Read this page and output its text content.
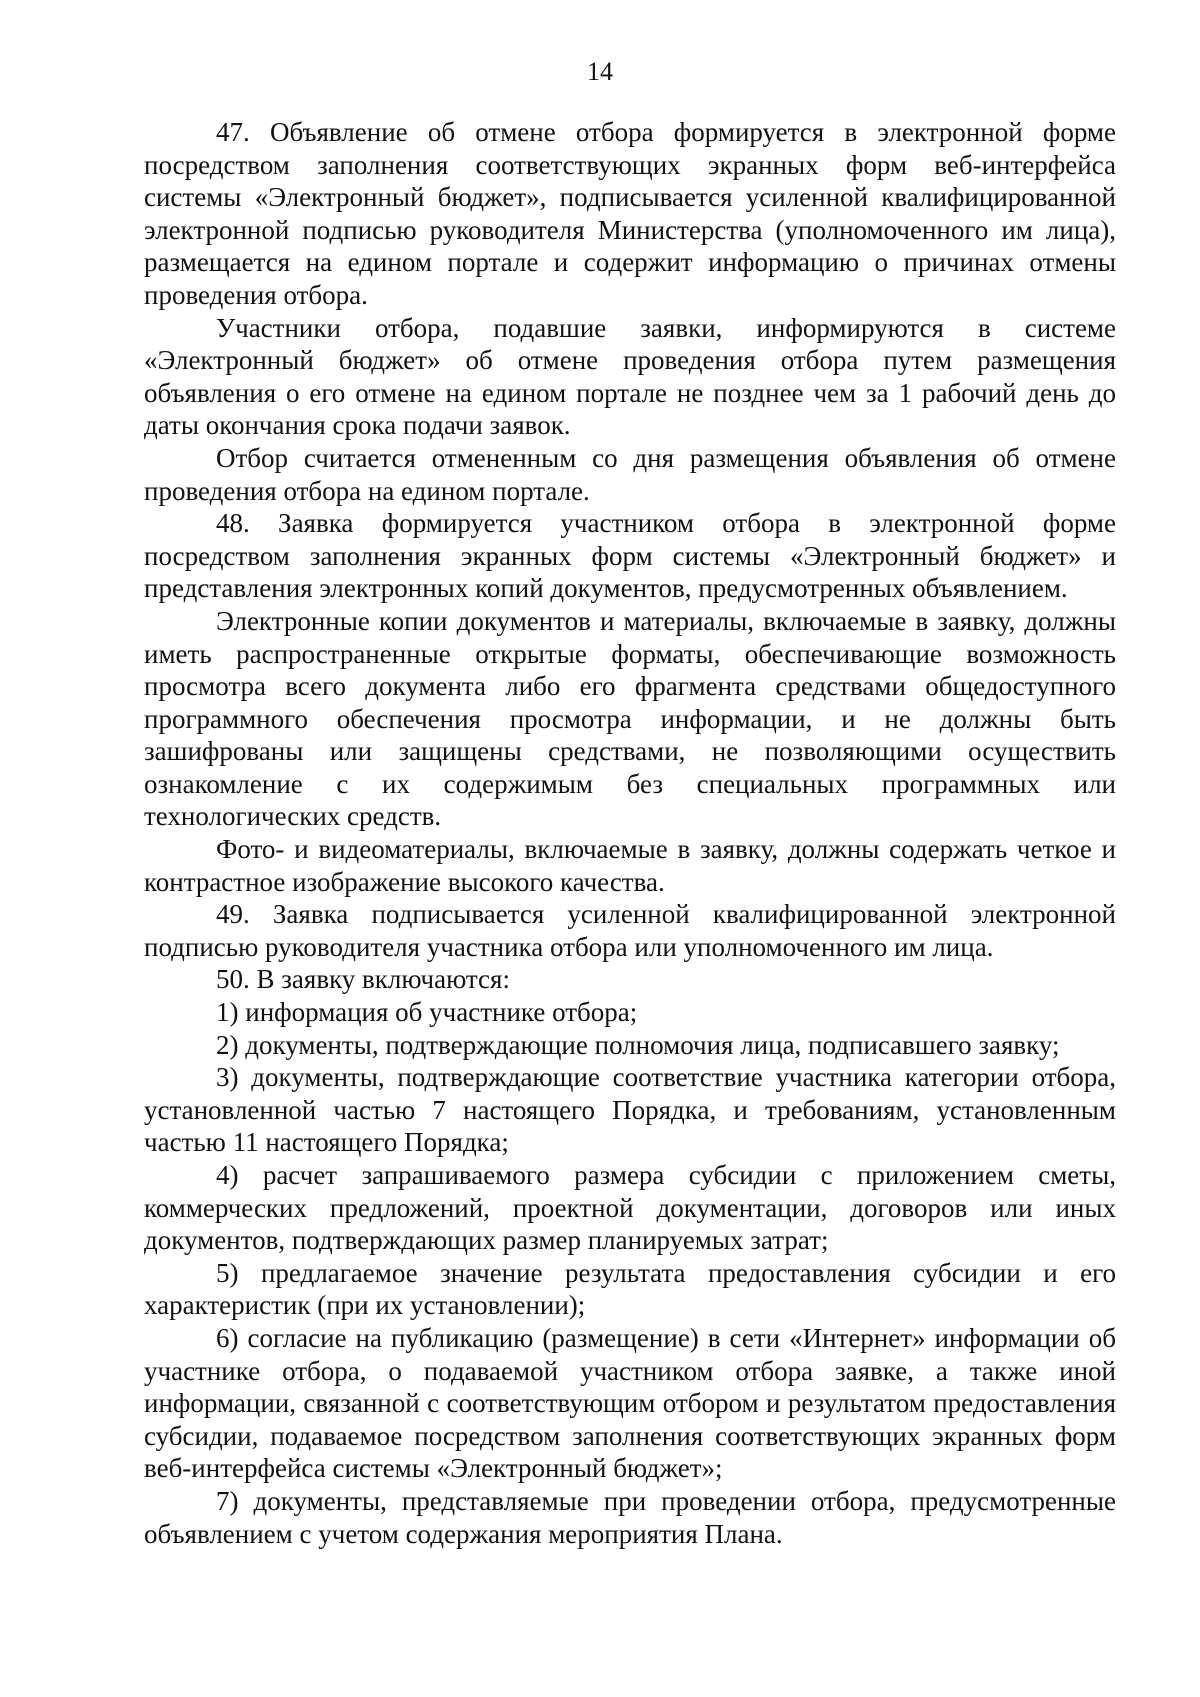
14

47. Объявление об отмене отбора формируется в электронной форме посредством заполнения соответствующих экранных форм веб-интерфейса системы «Электронный бюджет», подписывается усиленной квалифицированной электронной подписью руководителя Министерства (уполномоченного им лица), размещается на едином портале и содержит информацию о причинах отмены проведения отбора.

Участники отбора, подавшие заявки, информируются в системе «Электронный бюджет» об отмене проведения отбора путем размещения объявления о его отмене на едином портале не позднее чем за 1 рабочий день до даты окончания срока подачи заявок.

Отбор считается отмененным со дня размещения объявления об отмене проведения отбора на едином портале.

48. Заявка формируется участником отбора в электронной форме посредством заполнения экранных форм системы «Электронный бюджет» и представления электронных копий документов, предусмотренных объявлением.

Электронные копии документов и материалы, включаемые в заявку, должны иметь распространенные открытые форматы, обеспечивающие возможность просмотра всего документа либо его фрагмента средствами общедоступного программного обеспечения просмотра информации, и не должны быть зашифрованы или защищены средствами, не позволяющими осуществить ознакомление с их содержимым без специальных программных или технологических средств.

Фото- и видеоматериалы, включаемые в заявку, должны содержать четкое и контрастное изображение высокого качества.

49. Заявка подписывается усиленной квалифицированной электронной подписью руководителя участника отбора или уполномоченного им лица.

50. В заявку включаются:

1) информация об участнике отбора;

2) документы, подтверждающие полномочия лица, подписавшего заявку;

3) документы, подтверждающие соответствие участника категории отбора, установленной частью 7 настоящего Порядка, и требованиям, установленным частью 11 настоящего Порядка;

4) расчет запрашиваемого размера субсидии с приложением сметы, коммерческих предложений, проектной документации, договоров или иных документов, подтверждающих размер планируемых затрат;

5) предлагаемое значение результата предоставления субсидии и его характеристик (при их установлении);

6) согласие на публикацию (размещение) в сети «Интернет» информации об участнике отбора, о подаваемой участником отбора заявке, а также иной информации, связанной с соответствующим отбором и результатом предоставления субсидии, подаваемое посредством заполнения соответствующих экранных форм веб-интерфейса системы «Электронный бюджет»;

7) документы, представляемые при проведении отбора, предусмотренные объявлением с учетом содержания мероприятия Плана.
